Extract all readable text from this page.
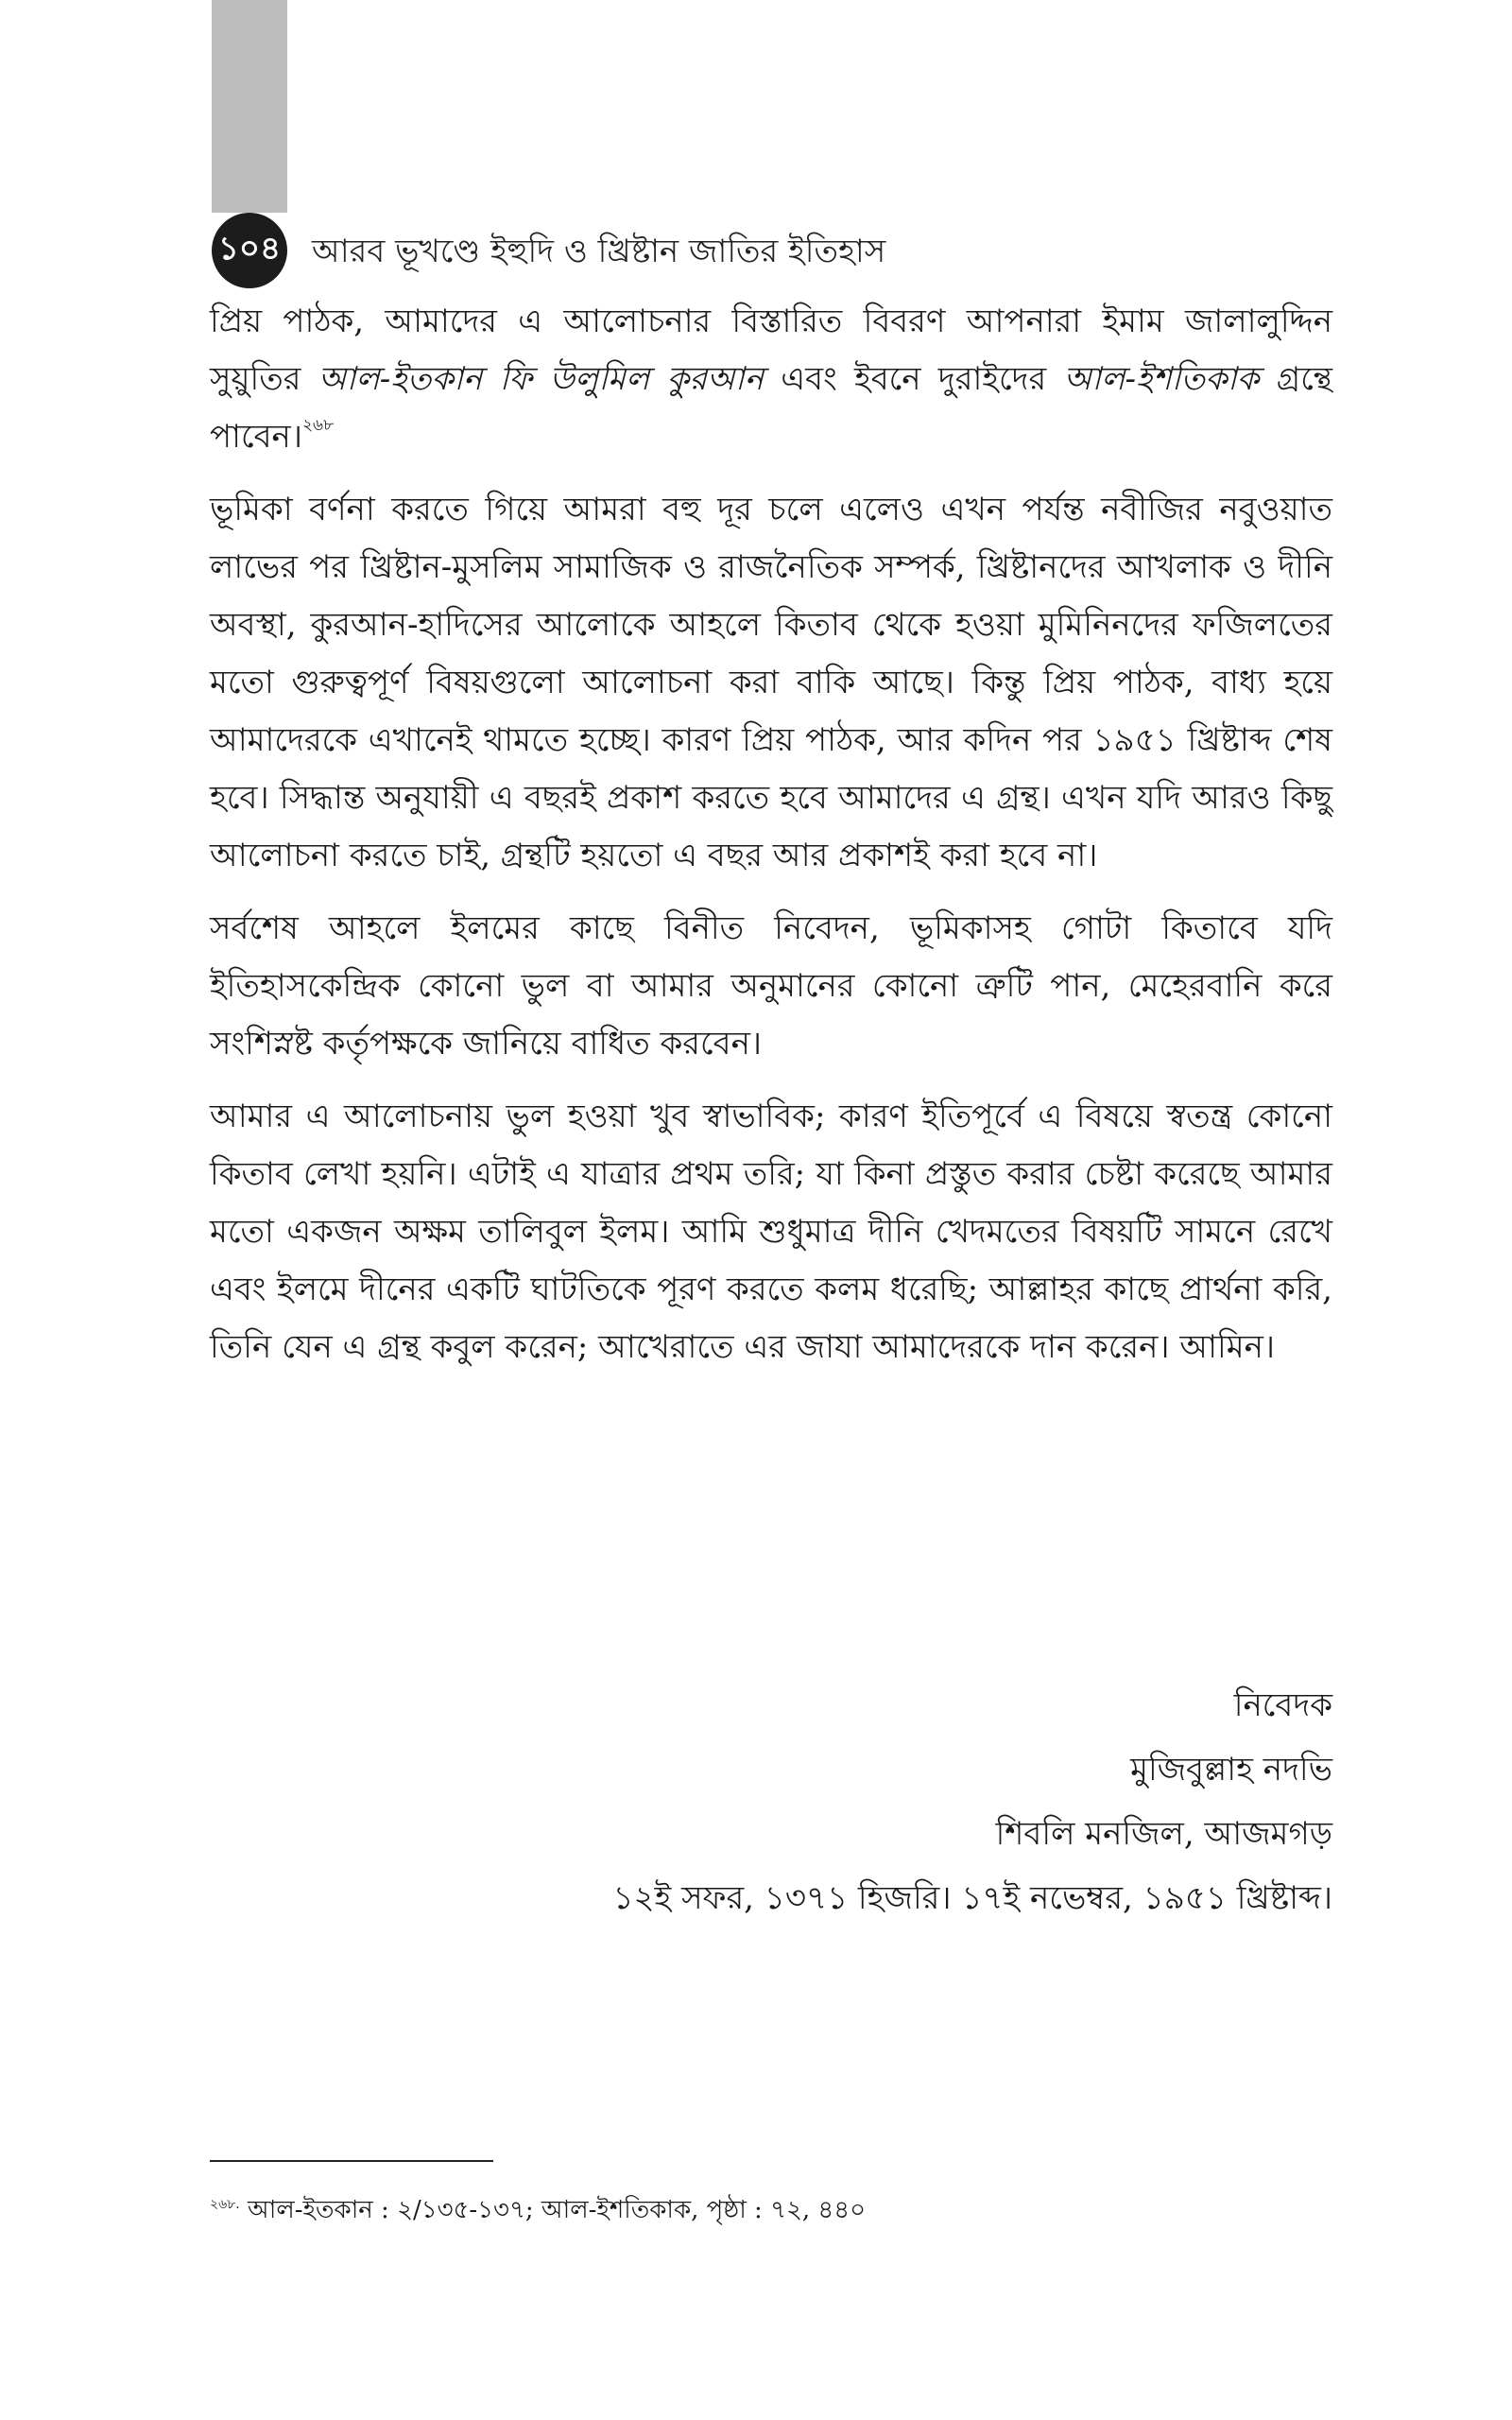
১০৪ আরব ভূখণ্ডে ইহুদি ও খ্রিষ্টান জাতির ইতিহাস

প্রিয় পাঠক, আমাদের এ আলোচনার বিস্তারিত বিবরণ আপনারা ইমাম জালালুদ্দিন সুয়ুতির আল-ইতকান ফি উলুমিল কুরআন এবং ইবনে দুরাইদের আল-ইশতিকাক গ্রন্থে পাবেন।$^{২৬৮}$

ভূমিকা বর্ণনা করতে গিয়ে আমরা বহু দূর চলে এলেও এখন পর্যন্ত নবীজির নবুওয়াত লাভের পর খ্রিষ্টান-মুসলিম সামাজিক ও রাজনৈতিক সম্পর্ক, খ্রিষ্টানদের আখলাক ও দীনি অবস্থা, কুরআন-হাদিসের আলোকে আহলে কিতাব থেকে হওয়া মুমিনিনদের ফজিলতের মতো গুরুত্বপূর্ণ বিষয়গুলো আলোচনা করা বাকি আছে। কিন্তু প্রিয় পাঠক, বাধ্য হয়ে আমাদেরকে এখানেই থামতে হচ্ছে। কারণ প্রিয় পাঠক, আর কদিন পর ১৯৫১ খ্রিষ্টাব্দ শেষ হবে। সিদ্ধান্ত অনুযায়ী এ বছরই প্রকাশ করতে হবে আমাদের এ গ্রন্থ। এখন যদি আরও কিছু আলোচনা করতে চাই, গ্রন্থটি হয়তো এ বছর আর প্রকাশই করা হবে না।

সর্বশেষ আহলে ইলমের কাছে বিনীত নিবেদন, ভূমিকাসহ গোটা কিতাবে যদি ইতিহাসকেন্দ্রিক কোনো ভুল বা আমার অনুমানের কোনো ত্রুটি পান, মেহেরবানি করে সংশিস্নষ্ট কর্তৃপক্ষকে জানিয়ে বাধিত করবেন।

আমার এ আলোচনায় ভুল হওয়া খুব স্বাভাবিক; কারণ ইতিপূর্বে এ বিষয়ে স্বতন্ত্র কোনো কিতাব লেখা হয়নি। এটাই এ যাত্রার প্রথম তরি; যা কিনা প্রস্তুত করার চেষ্টা করেছে আমার মতো একজন অক্ষম তালিবুল ইলম। আমি শুধুমাত্র দীনি খেদমতের বিষয়টি সামনে রেখে এবং ইলমে দীনের একটি ঘাটতিকে পূরণ করতে কলম ধরেছি; আল্লাহর কাছে প্রার্থনা করি, তিনি যেন এ গ্রন্থ কবুল করেন; আখেরাতে এর জাযা আমাদেরকে দান করেন। আমিন।

নিবেদক
মুজিবুল্লাহ নদভি
শিবলি মনজিল, আজমগড়
১২ই সফর, ১৩৭১ হিজরি। ১৭ই নভেম্বর, ১৯৫১ খ্রিষ্টাব্দ।
$^{২৬৮.}$ আল-ইতকান : ২/১৩৫-১৩৭; আল-ইশতিকাক, পৃষ্ঠা : ৭২, ৪৪০
